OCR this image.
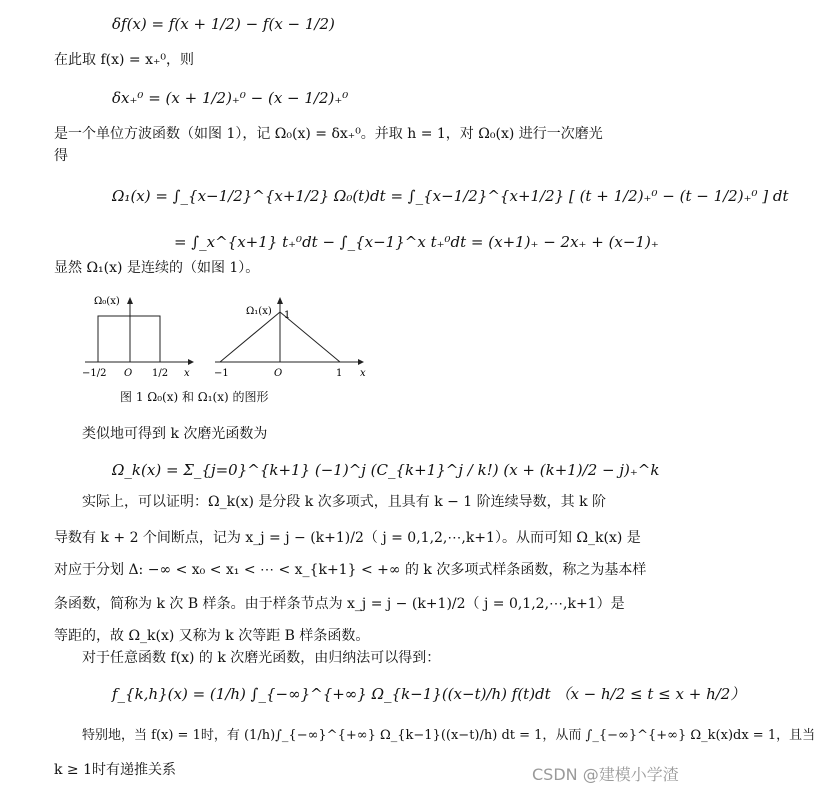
δf(x) = f(x + 1/2) − f(x − 1/2)
在此取 f(x) = x₊⁰，则
δx₊⁰ = (x + 1/2)₊⁰ − (x − 1/2)₊⁰
是一个单位方波函数（如图 1），记 Ω₀(x) = δx₊⁰。并取 h = 1，对 Ω₀(x) 进行一次磨光
得
Ω₁(x) = ∫_{x−1/2}^{x+1/2} Ω₀(t)dt = ∫_{x−1/2}^{x+1/2} [ (t + 1/2)₊⁰ − (t − 1/2)₊⁰ ] dt
= ∫_x^{x+1} t₊⁰dt − ∫_{x−1}^x t₊⁰dt = (x+1)₊ − 2x₊ + (x−1)₊
显然 Ω₁(x) 是连续的（如图 1）。
Ω₀(x)
−1/2 O 1/2 x
Ω₁(x) 1
−1	O	1 x
图 1 Ω₀(x) 和 Ω₁(x) 的图形
类似地可得到 k 次磨光函数为
Ω_k(x) = Σ_{j=0}^{k+1} (−1)^j (C_{k+1}^j / k!) (x + (k+1)/2 − j)₊^k
实际上，可以证明：Ω_k(x) 是分段 k 次多项式，且具有 k − 1 阶连续导数，其 k 阶
导数有 k + 2 个间断点，记为 x_j = j − (k+1)/2（ j = 0,1,2,⋯,k+1）。从而可知 Ω_k(x) 是
对应于分划 Δ: −∞ < x₀ < x₁ < ⋯ < x_{k+1} < +∞ 的 k 次多项式样条函数，称之为基本样
条函数，简称为 k 次 B 样条。由于样条节点为 x_j = j − (k+1)/2（ j = 0,1,2,⋯,k+1）是
等距的，故 Ω_k(x) 又称为 k 次等距 B 样条函数。
对于任意函数 f(x) 的 k 次磨光函数，由归纳法可以得到：
f_{k,h}(x) = (1/h) ∫_{−∞}^{+∞} Ω_{k−1}((x−t)/h) f(t)dt （x − h/2 ≤ t ≤ x + h/2）
特别地，当 f(x) = 1时，有 (1/h)∫_{−∞}^{+∞} Ω_{k−1}((x−t)/h) dt = 1，从而 ∫_{−∞}^{+∞} Ω_k(x)dx = 1，且当
k ≥ 1时有递推关系	CSDN @建模小学渣
